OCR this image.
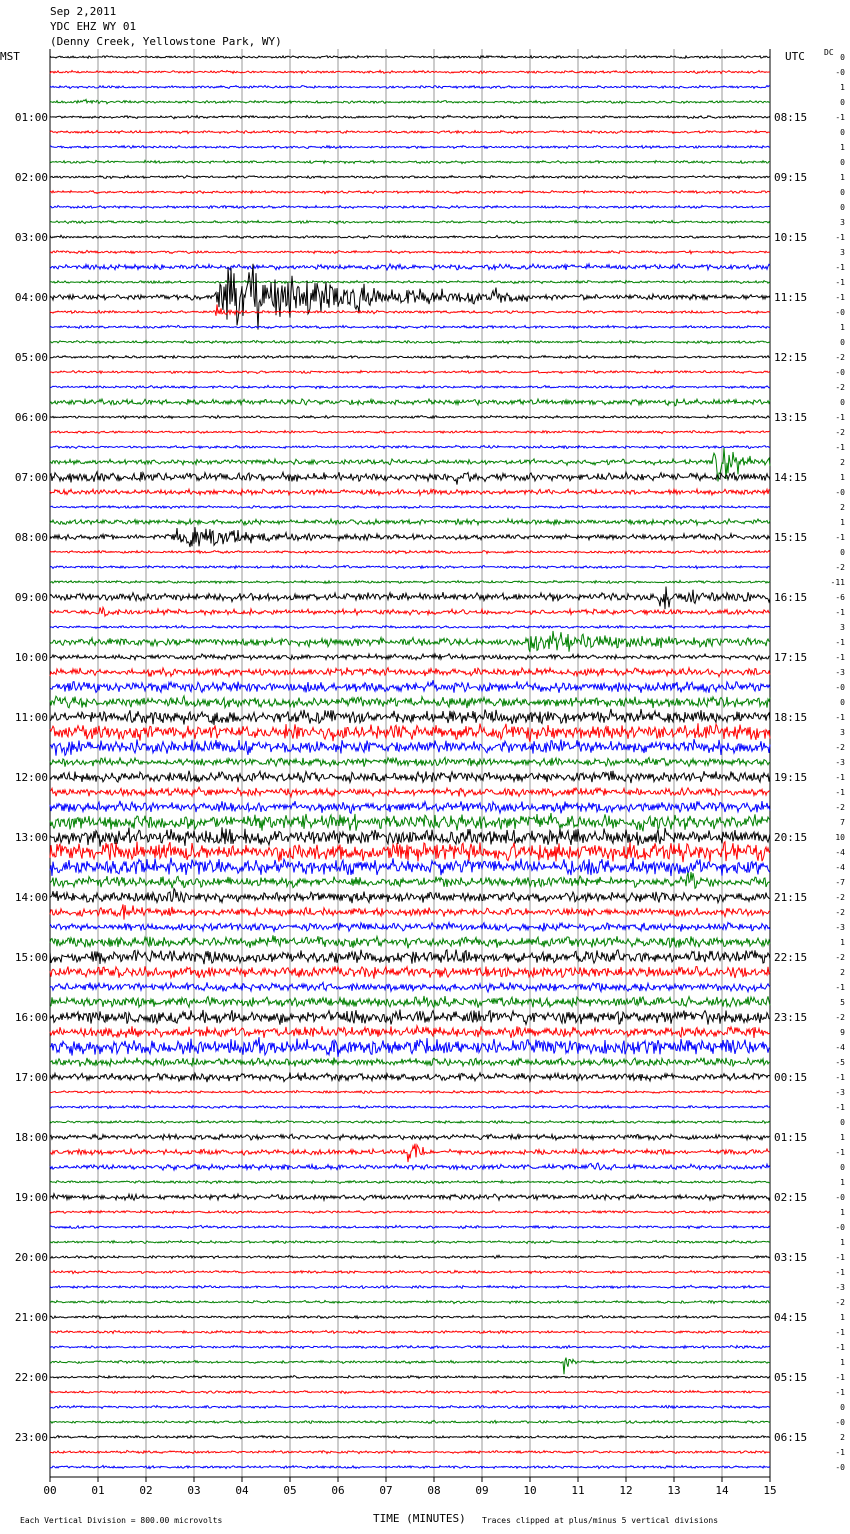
Sep 2,2011
YDC EHZ WY 01
(Denny Creek, Yellowstone Park, WY)
MST	UTC DC
00	01	02	03	04	05	06	07	08	09	10	11	12	13	14	15
0
-0
1
0
-1
01:00	08:15
0
1
0
1
02:00	09:15
0
0
3
-1
03:00	10:15
3
-1
-1
-1
04:00	11:15
-0
1
0
-2
05:00	12:15
-0
-2
0
-1
06:00	13:15
-2
-1
2
1
07:00	14:15
-0
2
1
-1
08:00	15:15
0
-2
-11
-6
09:00	16:15
-1
3
-1
-1
10:00	17:15
-3
-0
0
-1
11:00	18:15
3
-2
-3
-1
12:00	19:15
-1
-2
7
10
13:00	20:15
-4
-4
-7
-2
14:00	21:15
-2
-3
1
-2
15:00	22:15
2
-1
5
-2
16:00	23:15
9
-4
-5
-1
17:00	00:15
-3
-1
0
1
18:00	01:15
-1
0
1
-0
19:00	02:15
1
-0
1
-1
20:00	03:15
-1
-3
-2
1
21:00	04:15
-1
-1
1
-1
22:00	05:15
-1
0
-0
2
23:00	06:15
-1
-0
TIME (MINUTES)
Each Vertical Division = 800.00 microvolts	Traces clipped at plus/minus 5 vertical divisions
